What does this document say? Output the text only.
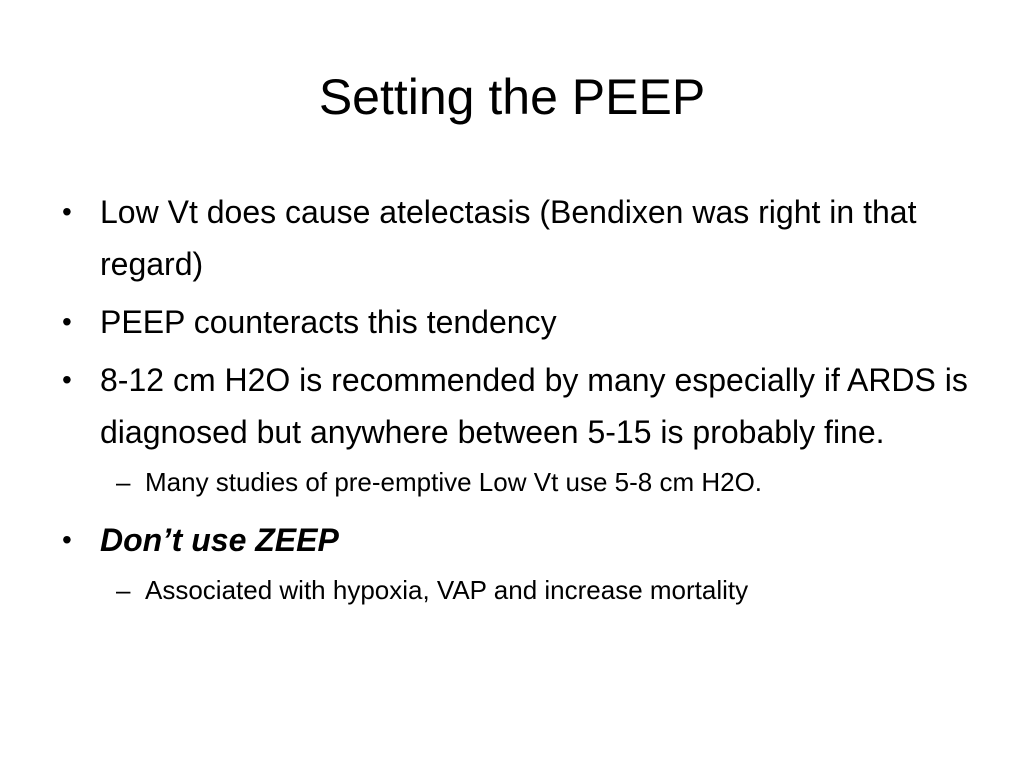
Setting the PEEP
• Low Vt does cause atelectasis (Bendixen was right in that regard)
• PEEP counteracts this tendency
• 8-12 cm H2O is recommended by many especially if ARDS is diagnosed but anywhere between 5-15 is probably fine.
– Many studies of pre-emptive Low Vt use 5-8 cm H2O.
• Don’t use ZEEP
– Associated with hypoxia, VAP and increase mortality
